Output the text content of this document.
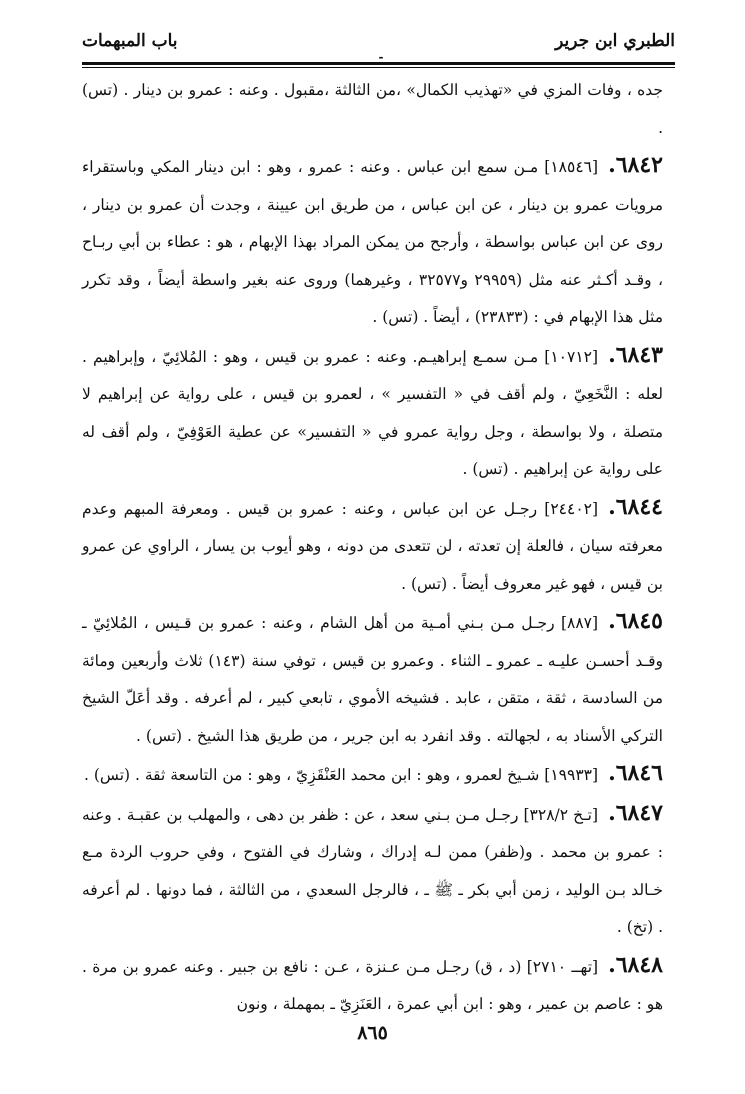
الطبري ابن جرير
-
باب المبهمات

جده ، وفات المزي في «تهذيب الكمال» ،من الثالثة ،مقبول . وعنه : عمرو بن دينار . (تس) .

٦٨٤٢.[١٨٥٤٦] مـن سمع ابن عباس . وعنه : عمرو ، وهو : ابن دينار المكي وباستقراء مرويات عمرو بن دينار ، عن ابن عباس ، من طريق ابن عيينة ، وجدت أن عمرو بن دينار ، روى عن ابن عباس بواسطة ، وأرجح من يمكن المراد بهذا الإبهام ، هو : عطاء بن أبي ربـاح ، وقـد أكـثر عنه مثل (٢٩٩٥٩ و٣٢٥٧٧ ، وغيرهما) وروى عنه بغير واسطة أيضاً ، وقد تكرر مثل هذا الإبهام في : (٢٣٨٣٣) ، أيضاً . (تس) .

٦٨٤٣.[١٠٧١٢] مـن سمـع إبراهيـم. وعنه : عمرو بن قيس ، وهو : المُلائِيّ ، وإبراهيم . لعله : النَّخَعِيّ ، ولم أقف في « التفسير » ، لعمرو بن قيس ، على رواية عن إبراهيم لا متصلة ، ولا بواسطة ، وجل رواية عمرو في « التفسير» عن عطية العَوْفِيّ ، ولم أقف له على رواية عن إبراهيم . (تس) .

٦٨٤٤.[٢٤٤٠٢] رجـل عن ابن عباس ، وعنه : عمرو بن قيس . ومعرفة المبهم وعدم معرفته سيان ، فالعلة إن تعدته ، لن تتعدى من دونه ، وهو أيوب بن يسار ، الراوي عن عمرو بن قيس ، فهو غير معروف أيضاً . (تس) .

٦٨٤٥.[٨٨٧] رجـل مـن بـني أمـية من أهل الشام ، وعنه : عمرو بن قـيس ، المُلائِيّ ـ وقـد أحسـن عليـه ـ عمرو ـ الثناء . وعمرو بن قيس ، توفي سنة (١٤٣) ثلاث وأربعين ومائة من السادسة ، ثقة ، متقن ، عابد . فشيخه الأموي ، تابعي كبير ، لم أعرفه . وقد أعَلّ الشيخ التركي الأسناد به ، لجهالته . وقد انفرد به ابن جرير ، من طريق هذا الشيخ . (تس) .

٦٨٤٦.[١٩٩٣٣] شـيخ لعمرو ، وهو : ابن محمد العَنْقَزِيّ ، وهو : من التاسعة ثقة . (تس) .

٦٨٤٧.[تـخ ٣٢٨/٢] رجـل مـن بـني سعد ، عن : ظفر بن دهى ، والمهلب بن عقبـة . وعنه : عمرو بن محمد . و(ظفر) ممن لـه إدراك ، وشارك في الفتوح ، وفي حروب الردة مـع خـالد بـن الوليد ، زمن أبي بكر ـ ﷺ ـ ، فالرجل السعدي ، من الثالثة ، فما دونها . لم أعرفه . (تخ) .

٦٨٤٨.[تهــ ٢٧١٠] (د ، ق) رجـل مـن عـنزة ، عـن : نافع بن جبير . وعنه عمرو بن مرة . هو : عاصم بن عمير ، وهو : ابن أبي عمرة ، العَنَزِيّ ـ بمهملة ، ونون

٨٦٥
